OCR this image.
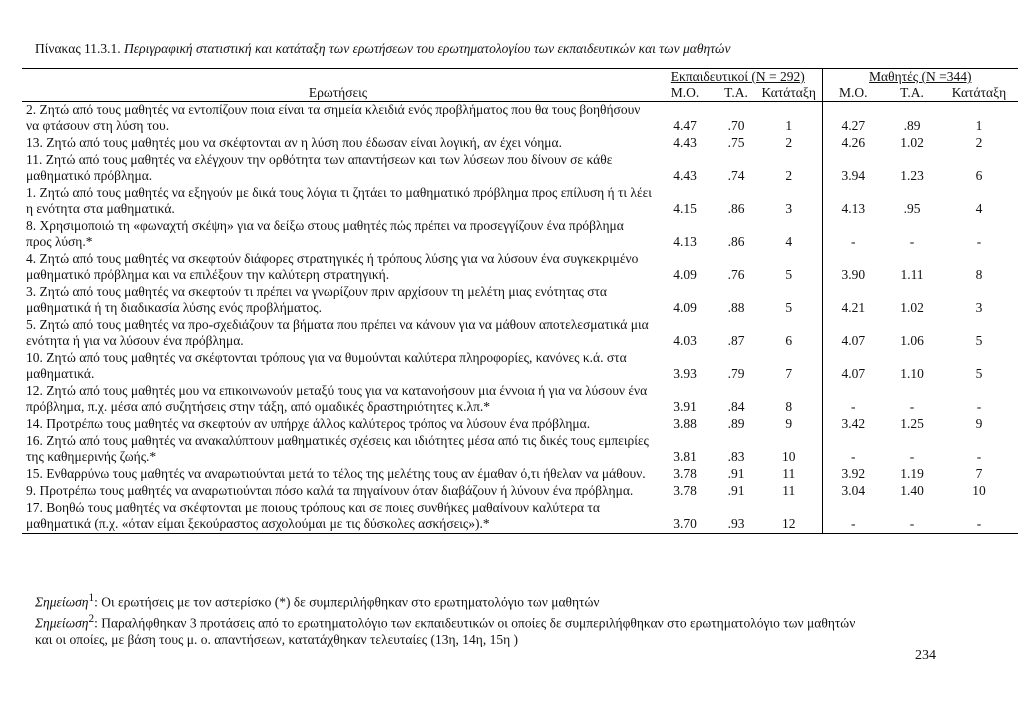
Πίνακας 11.3.1. Περιγραφική στατιστική και κατάταξη των ερωτήσεων του ερωτηματολογίου των εκπαιδευτικών και των μαθητών

	Εκπαιδευτικοί (N = 292)			Μαθητές (N =344)		
Ερωτήσεις	Μ.Ο.	Τ.Α.	Κατάταξη	Μ.Ο.	Τ.Α.	Κατάταξη
2. Ζητώ από τους μαθητές να εντοπίζουν ποια είναι τα σημεία κλειδιά ενός προβλήματος που θα τους βοηθήσουν να φτάσουν στη λύση του.	4.47	.70	1	4.27	.89	1
13. Ζητώ από τους μαθητές μου να σκέφτονται αν η λύση που έδωσαν είναι λογική, αν έχει νόημα.	4.43	.75	2	4.26	1.02	2
11. Ζητώ από τους μαθητές να ελέγχουν την ορθότητα των απαντήσεων και των λύσεων που δίνουν σε κάθε μαθηματικό πρόβλημα.	4.43	.74	2	3.94	1.23	6
1. Ζητώ από τους μαθητές να εξηγούν με δικά τους λόγια τι ζητάει το μαθηματικό πρόβλημα προς επίλυση ή τι λέει η ενότητα στα μαθηματικά.	4.15	.86	3	4.13	.95	4
8. Χρησιμοποιώ τη «φωναχτή σκέψη» για να δείξω στους μαθητές πώς πρέπει να προσεγγίζουν ένα πρόβλημα προς λύση.*	4.13	.86	4	-	-	-
4. Ζητώ από τους μαθητές να σκεφτούν διάφορες στρατηγικές ή τρόπους λύσης για να λύσουν ένα συγκεκριμένο μαθηματικό πρόβλημα και να επιλέξουν την καλύτερη στρατηγική.	4.09	.76	5	3.90	1.11	8
3. Ζητώ από τους μαθητές να σκεφτούν τι πρέπει να γνωρίζουν πριν αρχίσουν τη μελέτη μιας ενότητας στα μαθηματικά ή τη διαδικασία λύσης ενός προβλήματος.	4.09	.88	5	4.21	1.02	3
5. Ζητώ από τους μαθητές να προ-σχεδιάζουν τα βήματα που πρέπει να κάνουν για να μάθουν αποτελεσματικά μια ενότητα ή για να λύσουν ένα πρόβλημα.	4.03	.87	6	4.07	1.06	5
10. Ζητώ από τους μαθητές να σκέφτονται τρόπους για να θυμούνται καλύτερα πληροφορίες, κανόνες κ.ά. στα μαθηματικά.	3.93	.79	7	4.07	1.10	5
12. Ζητώ από τους μαθητές μου να επικοινωνούν μεταξύ τους για να κατανοήσουν μια έννοια ή για να λύσουν ένα πρόβλημα, π.χ. μέσα από συζητήσεις στην τάξη, από ομαδικές δραστηριότητες κ.λπ.*	3.91	.84	8	-	-	-
14. Προτρέπω τους μαθητές να σκεφτούν αν υπήρχε άλλος καλύτερος τρόπος να λύσουν ένα πρόβλημα.	3.88	.89	9	3.42	1.25	9
16. Ζητώ από τους μαθητές να ανακαλύπτουν μαθηματικές σχέσεις και ιδιότητες μέσα από τις δικές τους εμπειρίες της καθημερινής ζωής.*	3.81	.83	10	-	-	-
15. Ενθαρρύνω τους μαθητές να αναρωτιούνται μετά το τέλος της μελέτης τους αν έμαθαν ό,τι ήθελαν να μάθουν.	3.78	.91	11	3.92	1.19	7
9. Προτρέπω τους μαθητές να αναρωτιούνται πόσο καλά τα πηγαίνουν όταν διαβάζουν ή λύνουν ένα πρόβλημα.	3.78	.91	11	3.04	1.40	10
17. Βοηθώ τους μαθητές να σκέφτονται με ποιους τρόπους και σε ποιες συνθήκες μαθαίνουν καλύτερα τα μαθηματικά (π.χ. «όταν είμαι ξεκούραστος ασχολούμαι με τις δύσκολες ασκήσεις»).*	3.70	.93	12	-	-	-
Σημείωση$^1$: Οι ερωτήσεις με τον αστερίσκο (*) δε συμπεριλήφθηκαν στο ερωτηματολόγιο των μαθητών
Σημείωση$^2$: Παραλήφθηκαν 3 προτάσεις από το ερωτηματολόγιο των εκπαιδευτικών οι οποίες δε συμπεριλήφθηκαν στο ερωτηματολόγιο των μαθητών
και οι οποίες, με βάση τους μ. ο. απαντήσεων, κατατάχθηκαν τελευταίες (13η, 14η, 15η )
234
